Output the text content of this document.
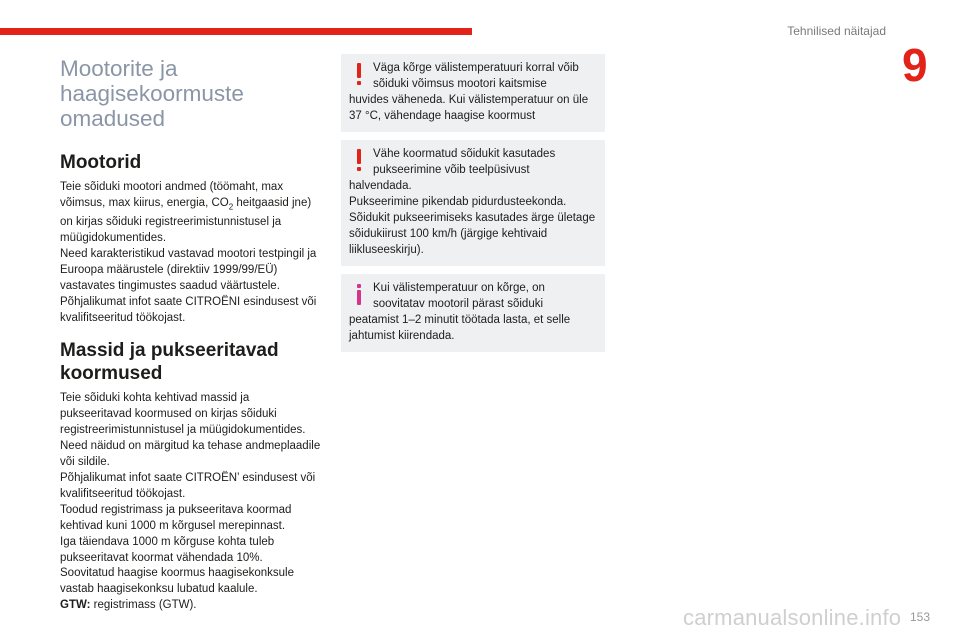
Tehnilised näitajad
9
Mootorite ja haagisekoormuste omadused
Mootorid

Teie sõiduki mootori andmed (töömaht, max võimsus, max kiirus, energia, $CO_2$ heitgaasid jne) on kirjas sõiduki registreerimistunnistusel ja müügidokumentides.

Need karakteristikud vastavad mootori testpingil ja Euroopa määrustele (direktiiv 1999/99/EÜ) vastavates tingimustes saadud väärtustele.

Põhjalikumat infot saate CITROËNI esindusest või kvalifitseeritud töökojast.

Massid ja pukseeritavad koormused

Teie sõiduki kohta kehtivad massid ja pukseeritavad koormused on kirjas sõiduki registreerimistunnistusel ja müügidokumentides.

Need näidud on märgitud ka tehase andmeplaadile või sildile.

Põhjalikumat infot saate CITROËN’ esindusest või kvalifitseeritud töökojast.

Toodud registrimass ja pukseeritava koormad kehtivad kuni 1000 m kõrgusel merepinnast.

Iga täiendava 1000 m kõrguse kohta tuleb pukseeritavat koormat vähendada 10%.

Soovitatud haagise koormus haagisekonksule vastab haagisekonksu lubatud kaalule.

GTW: registrimass (GTW).

Väga kõrge välistemperatuuri korral võib sõiduki võimsus mootori kaitsmise

huvides väheneda. Kui välistemperatuur on üle 37 °C, vähendage haagise koormust

Vähe koormatud sõidukit kasutades pukseerimine võib teelpüsivust

halvendada.

Pukseerimine pikendab pidurdusteekonda.

Sõidukit pukseerimiseks kasutades ärge ületage sõidukiirust 100 km/h (järgige kehtivaid liikluseeskirju).

Kui välistemperatuur on kõrge, on soovitatav mootoril pärast sõiduki

peatamist 1–2 minutit töötada lasta, et selle jahtumist kiirendada.

carmanualsonline.info 153
